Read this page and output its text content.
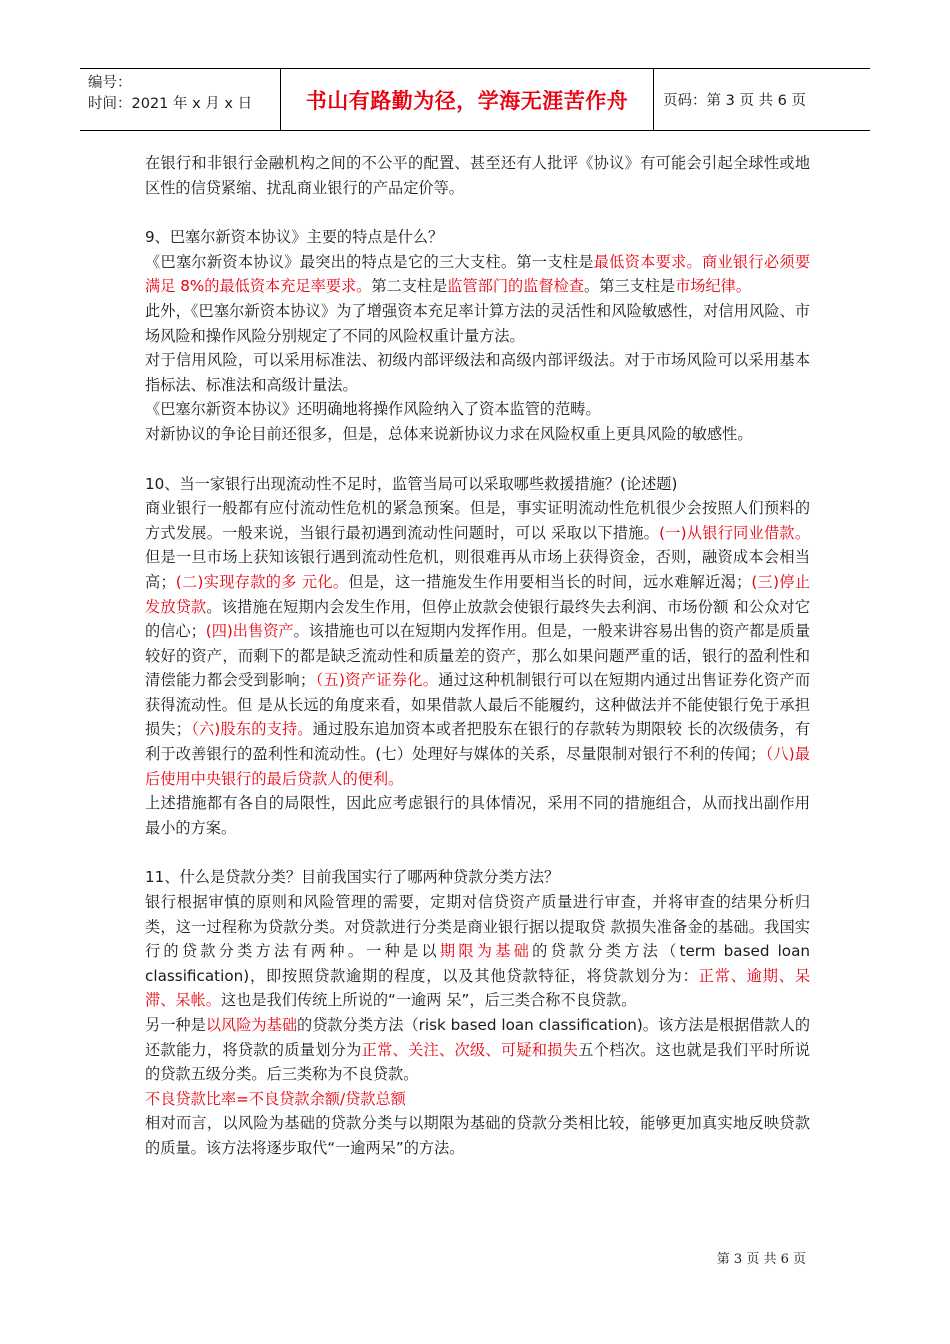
编号：
时间：2021 年 x 月 x 日	书山有路勤为径，学海无涯苦作舟	页码：第 3 页 共 6 页

在银行和非银行金融机构之间的不公平的配置、甚至还有人批评《协议》有可能会引起全球性或地区性的信贷紧缩、扰乱商业银行的产品定价等。

9、巴塞尔新资本协议》主要的特点是什么？

《巴塞尔新资本协议》最突出的特点是它的三大支柱。第一支柱是最低资本要求。商业银行必须要满足 8%的最低资本充足率要求。第二支柱是监管部门的监督检查。第三支柱是市场纪律。

此外，《巴塞尔新资本协议》为了增强资本充足率计算方法的灵活性和风险敏感性，对信用风险、市场风险和操作风险分别规定了不同的风险权重计量方法。

对于信用风险，可以采用标准法、初级内部评级法和高级内部评级法。对于市场风险可以采用基本指标法、标准法和高级计量法。

《巴塞尔新资本协议》还明确地将操作风险纳入了资本监管的范畴。

对新协议的争论目前还很多，但是，总体来说新协议力求在风险权重上更具风险的敏感性。

10、当一家银行出现流动性不足时，监管当局可以采取哪些救援措施？(论述题)

商业银行一般都有应付流动性危机的紧急预案。但是，事实证明流动性危机很少会按照人们预料的方式发展。一般来说，当银行最初遇到流动性问题时，可以 采取以下措施。(一)从银行同业借款。但是一旦市场上获知该银行遇到流动性危机，则很难再从市场上获得资金，否则，融资成本会相当高；(二)实现存款的多 元化。但是，这一措施发生作用要相当长的时间，远水难解近渴；(三)停止发放贷款。该措施在短期内会发生作用，但停止放款会使银行最终失去利润、市场份额 和公众对它的信心；(四)出售资产。该措施也可以在短期内发挥作用。但是，一般来讲容易出售的资产都是质量较好的资产，而剩下的都是缺乏流动性和质量差的资产，那么如果问题严重的话，银行的盈利性和清偿能力都会受到影响；（五)资产证券化。通过这种机制银行可以在短期内通过出售证券化资产而获得流动性。但 是从长远的角度来看，如果借款人最后不能履约，这种做法并不能使银行免于承担损失；（六)股东的支持。通过股东追加资本或者把股东在银行的存款转为期限较 长的次级债务，有利于改善银行的盈利性和流动性。(七）处理好与媒体的关系，尽量限制对银行不利的传闻；（八)最后使用中央银行的最后贷款人的便利。

上述措施都有各自的局限性，因此应考虑银行的具体情况，采用不同的措施组合，从而找出副作用最小的方案。

11、什么是贷款分类？目前我国实行了哪两种贷款分类方法？

银行根据审慎的原则和风险管理的需要，定期对信贷资产质量进行审查，并将审查的结果分析归类，这一过程称为贷款分类。对贷款进行分类是商业银行据以提取贷 款损失准备金的基础。我国实行的贷款分类方法有两种。一种是以期限为基础的贷款分类方法（term based loan classification)，即按照贷款逾期的程度，以及其他贷款特征，将贷款划分为：正常、逾期、呆滞、呆帐。这也是我们传统上所说的“一逾两 呆”，后三类合称不良贷款。

另一种是以风险为基础的贷款分类方法（risk based loan classification)。该方法是根据借款人的还款能力，将贷款的质量划分为正常、关注、次级、可疑和损失五个档次。这也就是我们平时所说的贷款五级分类。后三类称为不良贷款。

不良贷款比率=不良贷款余额/贷款总额

相对而言，以风险为基础的贷款分类与以期限为基础的贷款分类相比较，能够更加真实地反映贷款的质量。该方法将逐步取代“一逾两呆”的方法。

第 3 页 共 6 页
